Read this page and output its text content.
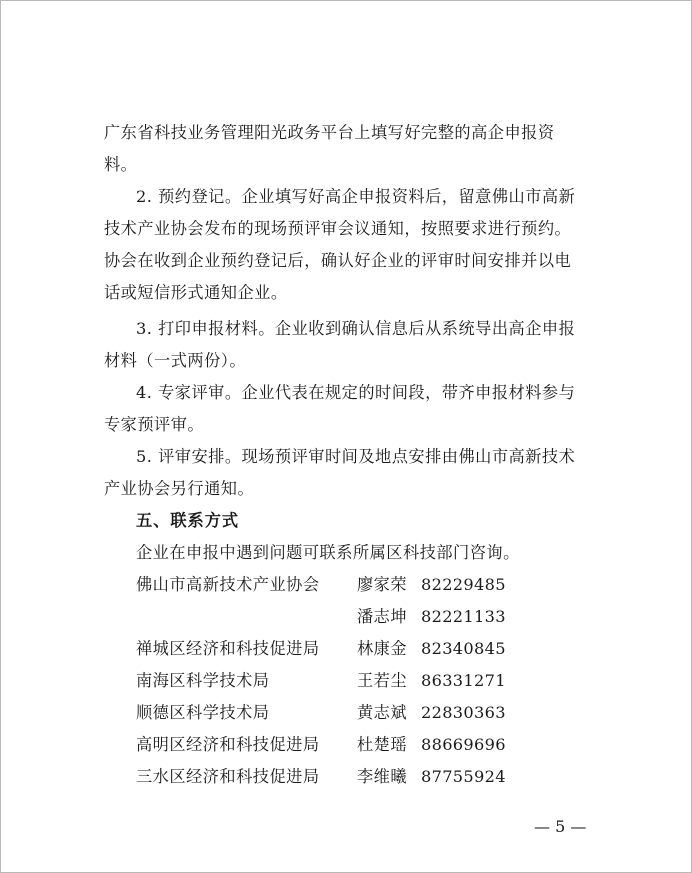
广东省科技业务管理阳光政务平台上填写好完整的高企申报资
料。
2. 预约登记。企业填写好高企申报资料后，留意佛山市高新
技术产业协会发布的现场预评审会议通知，按照要求进行预约。
协会在收到企业预约登记后，确认好企业的评审时间安排并以电
话或短信形式通知企业。
3. 打印申报材料。企业收到确认信息后从系统导出高企申报
材料（一式两份）。
4. 专家评审。企业代表在规定的时间段，带齐申报材料参与
专家预评审。
5. 评审安排。现场预评审时间及地点安排由佛山市高新技术
产业协会另行通知。
五、联系方式
企业在申报中遇到问题可联系所属区科技部门咨询。
佛山市高新技术产业协会 廖家荣 82229485
潘志坤 82221133
禅城区经济和科技促进局 林康金 82340845
南海区科学技术局	王若尘 86331271
顺德区科学技术局	黄志斌 22830363
高明区经济和科技促进局 杜楚瑶 88669696
三水区经济和科技促进局 李维曦 87755924
— 5 —
